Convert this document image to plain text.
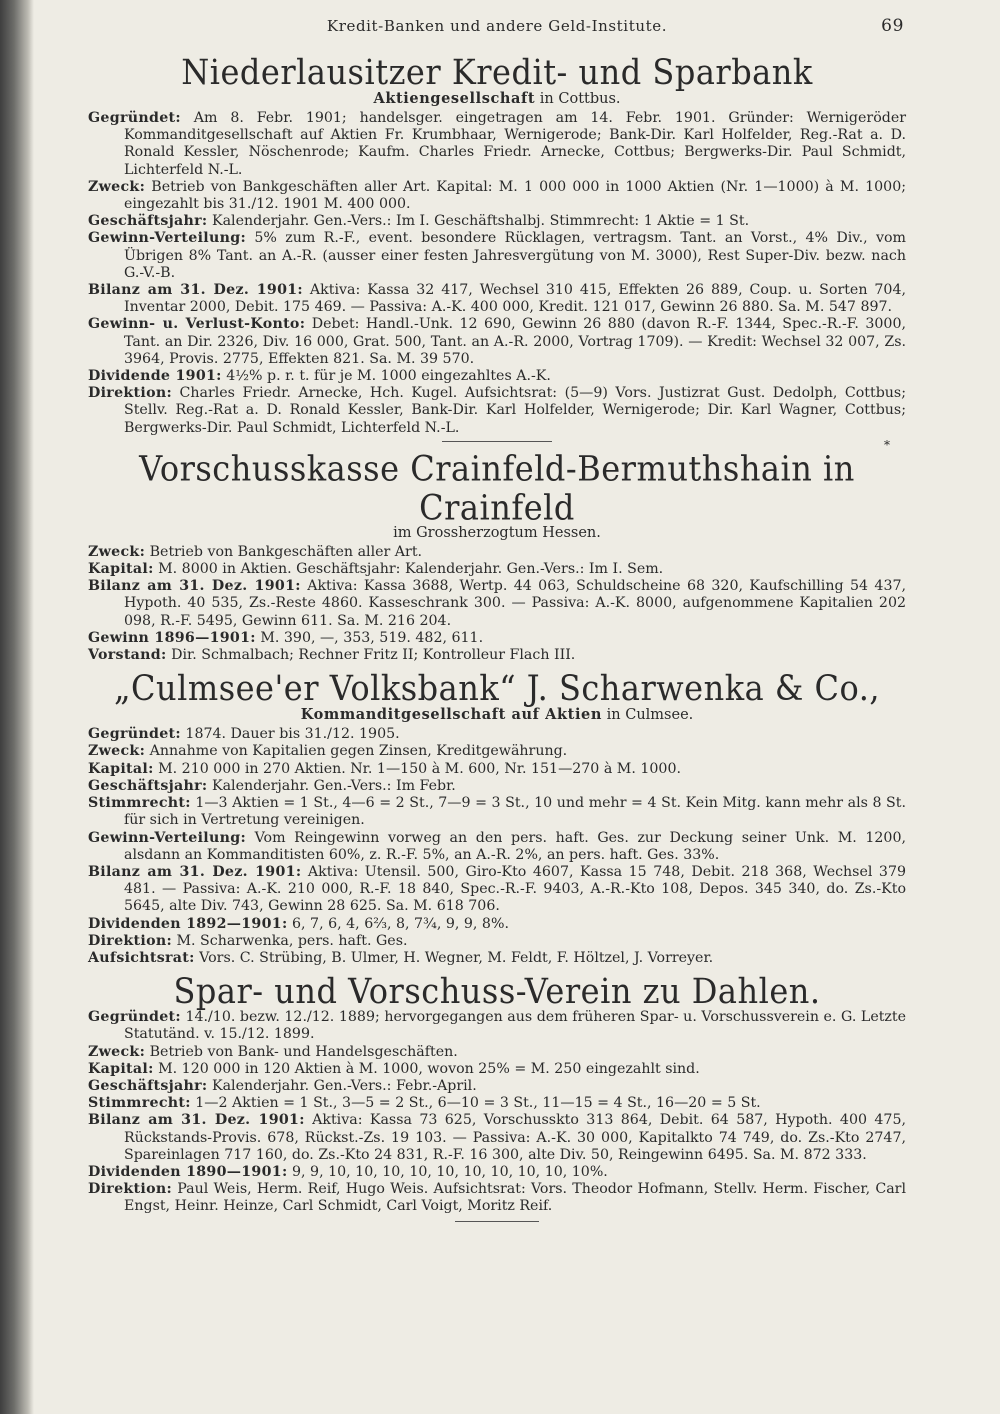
Kredit-Banken und andere Geld-Institute.	69
Niederlausitzer Kredit- und Sparbank
Aktiengesellschaft in Cottbus.

Gegründet: Am 8. Febr. 1901; handelsger. eingetragen am 14. Febr. 1901. Gründer: Wernigeröder Kommanditgesellschaft auf Aktien Fr. Krumbhaar, Wernigerode; Bank-Dir. Karl Holfelder, Reg.-Rat a. D. Ronald Kessler, Nöschenrode; Kaufm. Charles Friedr. Arnecke, Cottbus; Bergwerks-Dir. Paul Schmidt, Lichterfeld N.-L.

Zweck: Betrieb von Bankgeschäften aller Art. Kapital: M. 1 000 000 in 1000 Aktien (Nr. 1—1000) à M. 1000; eingezahlt bis 31./12. 1901 M. 400 000.

Geschäftsjahr: Kalenderjahr. Gen.-Vers.: Im I. Geschäftshalbj. Stimmrecht: 1 Aktie = 1 St.

Gewinn-Verteilung: 5% zum R.-F., event. besondere Rücklagen, vertragsm. Tant. an Vorst., 4% Div., vom Übrigen 8% Tant. an A.-R. (ausser einer festen Jahresvergütung von M. 3000), Rest Super-Div. bezw. nach G.-V.-B.

Bilanz am 31. Dez. 1901: Aktiva: Kassa 32 417, Wechsel 310 415, Effekten 26 889, Coup. u. Sorten 704, Inventar 2000, Debit. 175 469. — Passiva: A.-K. 400 000, Kredit. 121 017, Gewinn 26 880. Sa. M. 547 897.

Gewinn- u. Verlust-Konto: Debet: Handl.-Unk. 12 690, Gewinn 26 880 (davon R.-F. 1344, Spec.-R.-F. 3000, Tant. an Dir. 2326, Div. 16 000, Grat. 500, Tant. an A.-R. 2000, Vortrag 1709). — Kredit: Wechsel 32 007, Zs. 3964, Provis. 2775, Effekten 821. Sa. M. 39 570.

Dividende 1901: 4½% p. r. t. für je M. 1000 eingezahltes A.-K.

Direktion: Charles Friedr. Arnecke, Hch. Kugel. Aufsichtsrat: (5—9) Vors. Justizrat Gust. Dedolph, Cottbus; Stellv. Reg.-Rat a. D. Ronald Kessler, Bank-Dir. Karl Holfelder, Wernigerode; Dir. Karl Wagner, Cottbus; Bergwerks-Dir. Paul Schmidt, Lichterfeld N.-L.

*
Vorschusskasse Crainfeld-Bermuthshain in Crainfeld
im Grossherzogtum Hessen.

Zweck: Betrieb von Bankgeschäften aller Art.

Kapital: M. 8000 in Aktien. Geschäftsjahr: Kalenderjahr. Gen.-Vers.: Im I. Sem.

Bilanz am 31. Dez. 1901: Aktiva: Kassa 3688, Wertp. 44 063, Schuldscheine 68 320, Kaufschilling 54 437, Hypoth. 40 535, Zs.-Reste 4860. Kasseschrank 300. — Passiva: A.-K. 8000, aufgenommene Kapitalien 202 098, R.-F. 5495, Gewinn 611. Sa. M. 216 204.

Gewinn 1896—1901: M. 390, —, 353, 519. 482, 611.

Vorstand: Dir. Schmalbach; Rechner Fritz II; Kontrolleur Flach III.

„Culmsee'er Volksbank“ J. Scharwenka & Co.,
Kommanditgesellschaft auf Aktien in Culmsee.

Gegründet: 1874. Dauer bis 31./12. 1905.

Zweck: Annahme von Kapitalien gegen Zinsen, Kreditgewährung.

Kapital: M. 210 000 in 270 Aktien. Nr. 1—150 à M. 600, Nr. 151—270 à M. 1000.

Geschäftsjahr: Kalenderjahr. Gen.-Vers.: Im Febr.

Stimmrecht: 1—3 Aktien = 1 St., 4—6 = 2 St., 7—9 = 3 St., 10 und mehr = 4 St. Kein Mitg. kann mehr als 8 St. für sich in Vertretung vereinigen.

Gewinn-Verteilung: Vom Reingewinn vorweg an den pers. haft. Ges. zur Deckung seiner Unk. M. 1200, alsdann an Kommanditisten 60%, z. R.-F. 5%, an A.-R. 2%, an pers. haft. Ges. 33%.

Bilanz am 31. Dez. 1901: Aktiva: Utensil. 500, Giro-Kto 4607, Kassa 15 748, Debit. 218 368, Wechsel 379 481. — Passiva: A.-K. 210 000, R.-F. 18 840, Spec.-R.-F. 9403, A.-R.-Kto 108, Depos. 345 340, do. Zs.-Kto 5645, alte Div. 743, Gewinn 28 625. Sa. M. 618 706.

Dividenden 1892—1901: 6, 7, 6, 4, 6⅔, 8, 7¾, 9, 9, 8%.

Direktion: M. Scharwenka, pers. haft. Ges.

Aufsichtsrat: Vors. C. Strübing, B. Ulmer, H. Wegner, M. Feldt, F. Höltzel, J. Vorreyer.

Spar- und Vorschuss-Verein zu Dahlen.

Gegründet: 14./10. bezw. 12./12. 1889; hervorgegangen aus dem früheren Spar- u. Vorschussverein e. G. Letzte Statutänd. v. 15./12. 1899.

Zweck: Betrieb von Bank- und Handelsgeschäften.

Kapital: M. 120 000 in 120 Aktien à M. 1000, wovon 25% = M. 250 eingezahlt sind.

Geschäftsjahr: Kalenderjahr. Gen.-Vers.: Febr.-April.

Stimmrecht: 1—2 Aktien = 1 St., 3—5 = 2 St., 6—10 = 3 St., 11—15 = 4 St., 16—20 = 5 St.

Bilanz am 31. Dez. 1901: Aktiva: Kassa 73 625, Vorschusskto 313 864, Debit. 64 587, Hypoth. 400 475, Rückstands-Provis. 678, Rückst.-Zs. 19 103. — Passiva: A.-K. 30 000, Kapitalkto 74 749, do. Zs.-Kto 2747, Spareinlagen 717 160, do. Zs.-Kto 24 831, R.-F. 16 300, alte Div. 50, Reingewinn 6495. Sa. M. 872 333.

Dividenden 1890—1901: 9, 9, 10, 10, 10, 10, 10, 10, 10, 10, 10, 10%.

Direktion: Paul Weis, Herm. Reif, Hugo Weis. Aufsichtsrat: Vors. Theodor Hofmann, Stellv. Herm. Fischer, Carl Engst, Heinr. Heinze, Carl Schmidt, Carl Voigt, Moritz Reif.
